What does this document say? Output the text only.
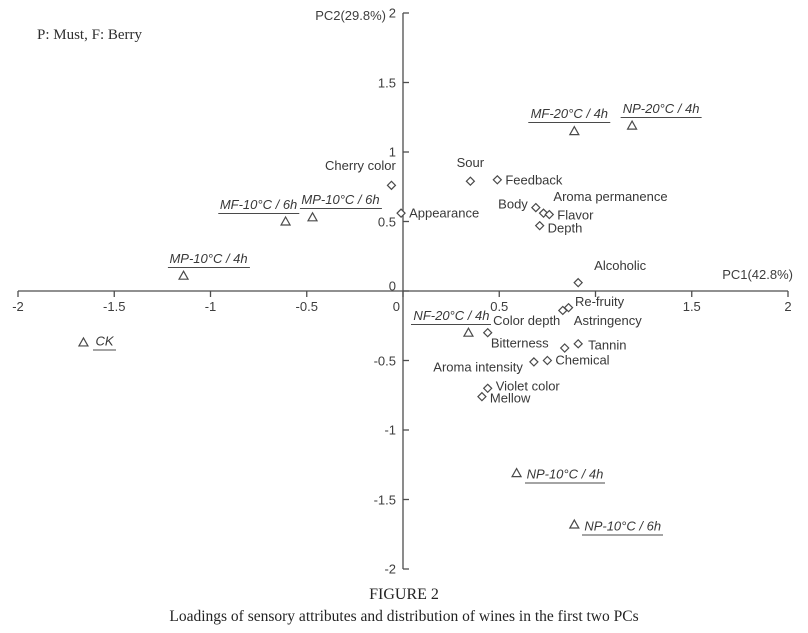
P: Must, F: Berry
PC2(29.8%)
PC1(42.8%)
-2	-1.5	-1	-0.5	0	0.5	1.5	2
2
1.5
1
0.5
0
-0.5
-1
-1.5
-2
MF-20°C / 4h NP-20°C / 4h
MF-10°C / 6h MP-10°C / 6h
MP-10°C / 4h
CK
NF-20°C / 4h
NP-10°C / 4h
NP-10°C / 6h
Cherry color	Sour
Feedback
Appearance
Body Aroma permanence
Flavor
Depth
Alcoholic
Re-fruity
Astringency
Color depth
Bitterness	Tannin
Chemical
Aroma intensity
Violet color
Mellow
FIGURE 2
Loadings of sensory attributes and distribution of wines in the first two PCs
